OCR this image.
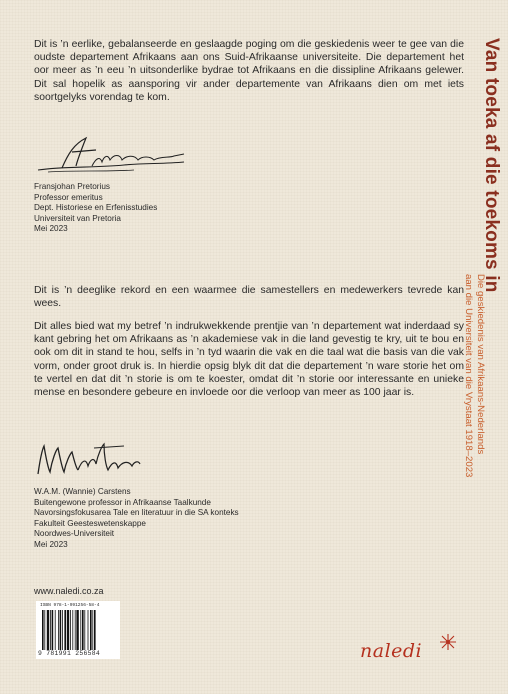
Dit is ’n eerlike, gebalanseerde en geslaagde poging om die geskiedenis weer te gee van die oudste departement Afrikaans aan ons Suid-Afrikaanse universiteite. Die departement het oor meer as ’n eeu ’n uitsonderlike bydrae tot Afrikaans en die dissipline Afrikaans gelewer. Dit sal hopelik as aansporing vir ander departemente van Afrikaans dien om met iets soortgelyks vorendag te kom.

Fransjohan Pretorius
Professor emeritus
Dept. Historiese en Erfenisstudies
Universiteit van Pretoria
Mei 2023

Dit is ’n deeglike rekord en een waarmee die samestellers en medewerkers tevrede kan wees.

Dit alles bied wat my betref ’n indrukwekkende prentjie van ’n departement wat inderdaad sy kant gebring het om Afrikaans as ’n akademiese vak in die land gevestig te kry, uit te bou en ook om dit in stand te hou, selfs in ’n tyd waarin die vak en die taal wat die basis van die vak vorm, onder groot druk is. In hierdie opsig blyk dit dat die departement ’n ware storie het om te vertel en dat dit ’n storie is om te koester, omdat dit ’n storie oor interessante en unieke mense en besondere gebeure en invloede oor die verloop van meer as 100 jaar is.

W.A.M. (Wannie) Carstens
Buitengewone professor in Afrikaanse Taalkunde
Navorsingsfokusarea Tale en literatuur in die SA konteks
Fakulteit Geesteswetenskappe
Noordwes-Universiteit
Mei 2023
Van toeka af die toekoms in
Die geskiedenis van Afrikaans-Nederlands
aan die Universiteit van die Vrystaat 1918–2023
www.naledi.co.za
ISBN 978-1-991256-58-4
9 781991 256584	naledi
